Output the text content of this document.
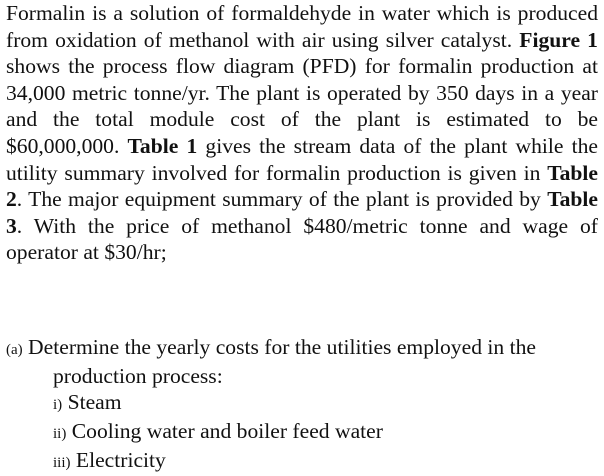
Formalin is a solution of formaldehyde in water which is produced from oxidation of methanol with air using silver catalyst. Figure 1 shows the process flow diagram (PFD) for formalin production at 34,000 metric tonne/yr. The plant is operated by 350 days in a year and the total module cost of the plant is estimated to be $60,000,000. Table 1 gives the stream data of the plant while the utility summary involved for formalin production is given in Table 2. The major equipment summary of the plant is provided by Table 3. With the price of methanol $480/metric tonne and wage of operator at $30/hr;

(a) Determine the yearly costs for the utilities employed in the
production process:
i) Steam
ii) Cooling water and boiler feed water
iii) Electricity
